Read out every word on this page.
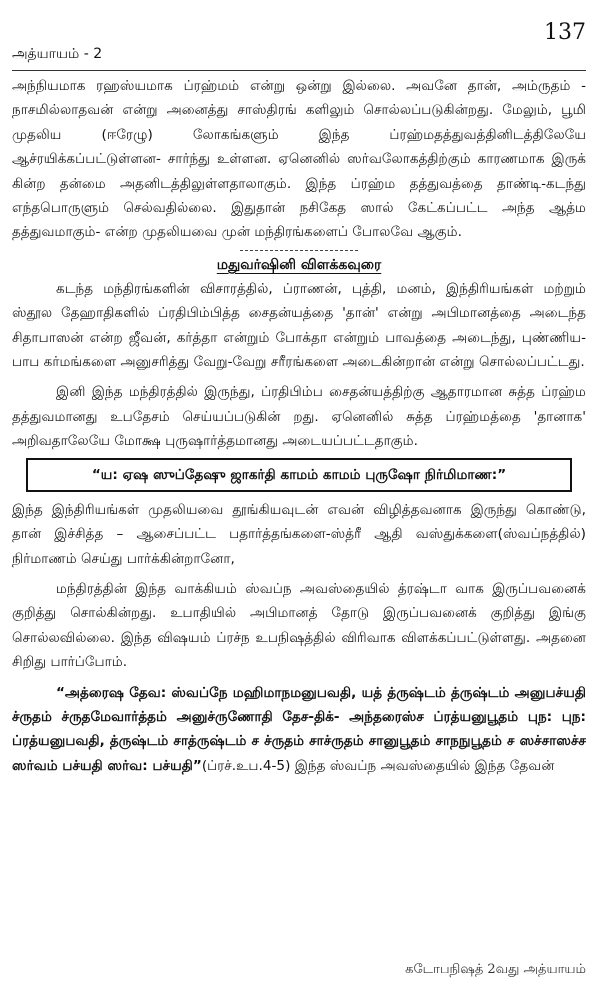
அத்யாயம் - 2
137

அந்நியமாக ரஹஸ்யமாக ப்ரஹ்மம் என்று ஒன்று இல்லை. அவனே தான், அம்ருதம் - நாசமில்லாதவன் என்று அனைத்து சாஸ்திரங் களிலும் சொல்லப்படுகின்றது. மேலும், பூமி முதலிய (ஈரேழு) லோகங்களும் இந்த ப்ரஹ்மதத்துவத்தினிடத்திலேயே ஆச்ரயிக்கப்பட்டுள்ளன- சார்ந்து உள்ளன. ஏனெனில் ஸர்வலோகத்திற்கும் காரணமாக இருக் கின்ற தன்மை அதனிடத்திலுள்ளதாலாகும். இந்த ப்ரஹ்ம தத்துவத்தை தாண்டி-கடந்து எந்தபொருளும் செல்வதில்லை. இதுதான் நசிகேத ஸால் கேட்கப்பட்ட அந்த ஆத்ம தத்துவமாகும்- என்ற முதலியவை முன் மந்திரங்களைப் போலவே ஆகும்.

மதுவர்ஷினி விளக்கவுரை

கடந்த மந்திரங்களின் விசாரத்தில், ப்ராணன், புத்தி, மனம், இந்திரியங்கள் மற்றும் ஸ்தூல தேஹாதிகளில் ப்ரதிபிம்பித்த சைதன்யத்தை 'தான்' என்று அபிமானத்தை அடைந்த சிதாபாஸன் என்ற ஜீவன், கர்த்தா என்றும் போக்தா என்றும் பாவத்தை அடைந்து, புண்ணிய-பாப கர்மங்களை அனுசரித்து வேறு-வேறு சரீரங்களை அடைகின்றான் என்று சொல்லப்பட்டது.

இனி இந்த மந்திரத்தில் இருந்து, ப்ரதிபிம்ப சைதன்யத்திற்கு ஆதாரமான சுத்த ப்ரஹ்ம தத்துவமானது உபதேசம் செய்யப்படுகின் றது. ஏனெனில் சுத்த ப்ரஹ்மத்தை 'தானாக' அறிவதாலேயே மோக்ஷ புருஷார்த்தமானது அடையப்பட்டதாகும்.

“ய: ஏஷ ஸுப்தேஷு ஜாகர்தி காமம் காமம் புருஷோ நிர்மிமாண:”

இந்த இந்திரியங்கள் முதலியவை தூங்கியவுடன் எவன் விழித்தவனாக இருந்து கொண்டு, தான் இச்சித்த – ஆசைப்பட்ட பதார்த்தங்களை-ஸ்த்ரீ ஆதி வஸ்துக்களை(ஸ்வப்நத்தில்) நிர்மாணம் செய்து பார்க்கின்றானோ,

மந்திரத்தின் இந்த வாக்கியம் ஸ்வப்ந அவஸ்தையில் த்ரஷ்டா வாக இருப்பவனைக் குறித்து சொல்கின்றது. உபாதியில் அபிமானத் தோடு இருப்பவனைக் குறித்து இங்கு சொல்லவில்லை. இந்த விஷயம் ப்ரச்ந உபநிஷத்தில் விரிவாக விளக்கப்பட்டுள்ளது. அதனை சிறிது பார்ப்போம்.

“அத்ரைஷ தேவ: ஸ்வப்நே மஹிமாநமனுபவதி, யத் த்ருஷ்டம் த்ருஷ்டம் அனுபச்யதி ச்ருதம் ச்ருதமேவார்த்தம் அனுச்ருணோதி தேச-திக்- அந்தரைஸ்ச ப்ரத்யனுபூதம் புந: புந: ப்ரத்யனுபவதி, த்ருஷ்டம் சாத்ருஷ்டம் ச ச்ருதம் சாச்ருதம் சானுபூதம் சாநநுபூதம் ச ஸச்சாஸச்ச ஸர்வம் பச்யதி ஸர்வ: பச்யதி”(ப்ரச்.உப.4-5) இந்த ஸ்வப்ந அவஸ்தையில் இந்த தேவன்

கடோபநிஷத் 2வது அத்யாயம்
